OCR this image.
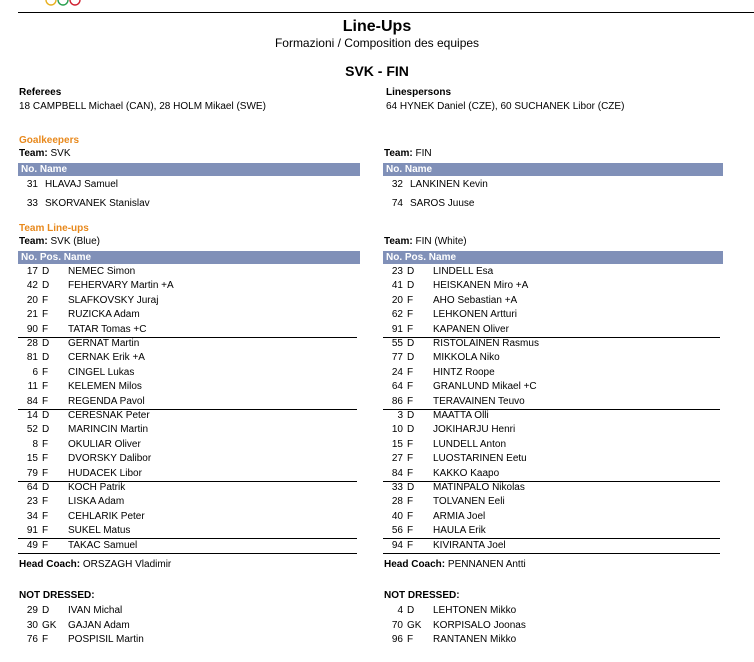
Line-Ups
Formazioni / Composition des equipes
SVK - FIN
Referees
18 CAMPBELL Michael (CAN), 28 HOLM Mikael (SWE)
Linespersons
64 HYNEK Daniel (CZE), 60 SUCHANEK Libor (CZE)
Goalkeepers
Team: SVK	Team: FIN
No. Name	No. Name
31 HLAVAJ Samuel
33 SKORVANEK Stanislav
32 LANKINEN Kevin
74 SAROS Juuse
Team Line-ups
Team: SVK (Blue)	Team: FIN (White)
No. Pos. Name	No. Pos. Name
17 D NEMEC Simon
42 D FEHERVARY Martin +A
20 F SLAFKOVSKY Juraj
21 F RUZICKA Adam
90 F TATAR Tomas +C
28 D GERNAT Martin
81 D CERNAK Erik +A
6 F CINGEL Lukas
11 F KELEMEN Milos
84 F REGENDA Pavol
14 D CERESNAK Peter
52 D MARINCIN Martin
8 F OKULIAR Oliver
15 F DVORSKY Dalibor
79 F HUDACEK Libor
64 D KOCH Patrik
23 F LISKA Adam
34 F CEHLARIK Peter
91 F SUKEL Matus
49 F TAKAC Samuel
23 D LINDELL Esa
41 D HEISKANEN Miro +A
20 F AHO Sebastian +A
62 F LEHKONEN Artturi
91 F KAPANEN Oliver
55 D RISTOLAINEN Rasmus
77 D MIKKOLA Niko
24 F HINTZ Roope
64 F GRANLUND Mikael +C
86 F TERAVAINEN Teuvo
3 D MAATTA Olli
10 D JOKIHARJU Henri
15 F LUNDELL Anton
27 F LUOSTARINEN Eetu
84 F KAKKO Kaapo
33 D MATINPALO Nikolas
28 F TOLVANEN Eeli
40 F ARMIA Joel
56 F HAULA Erik
94 F KIVIRANTA Joel
Head Coach: ORSZAGH Vladimir	Head Coach: PENNANEN Antti
NOT DRESSED:	NOT DRESSED:
29 D IVAN Michal
30 GK GAJAN Adam
76 F POSPISIL Martin
4 D LEHTONEN Mikko
70 GK KORPISALO Joonas
96 F RANTANEN Mikko
